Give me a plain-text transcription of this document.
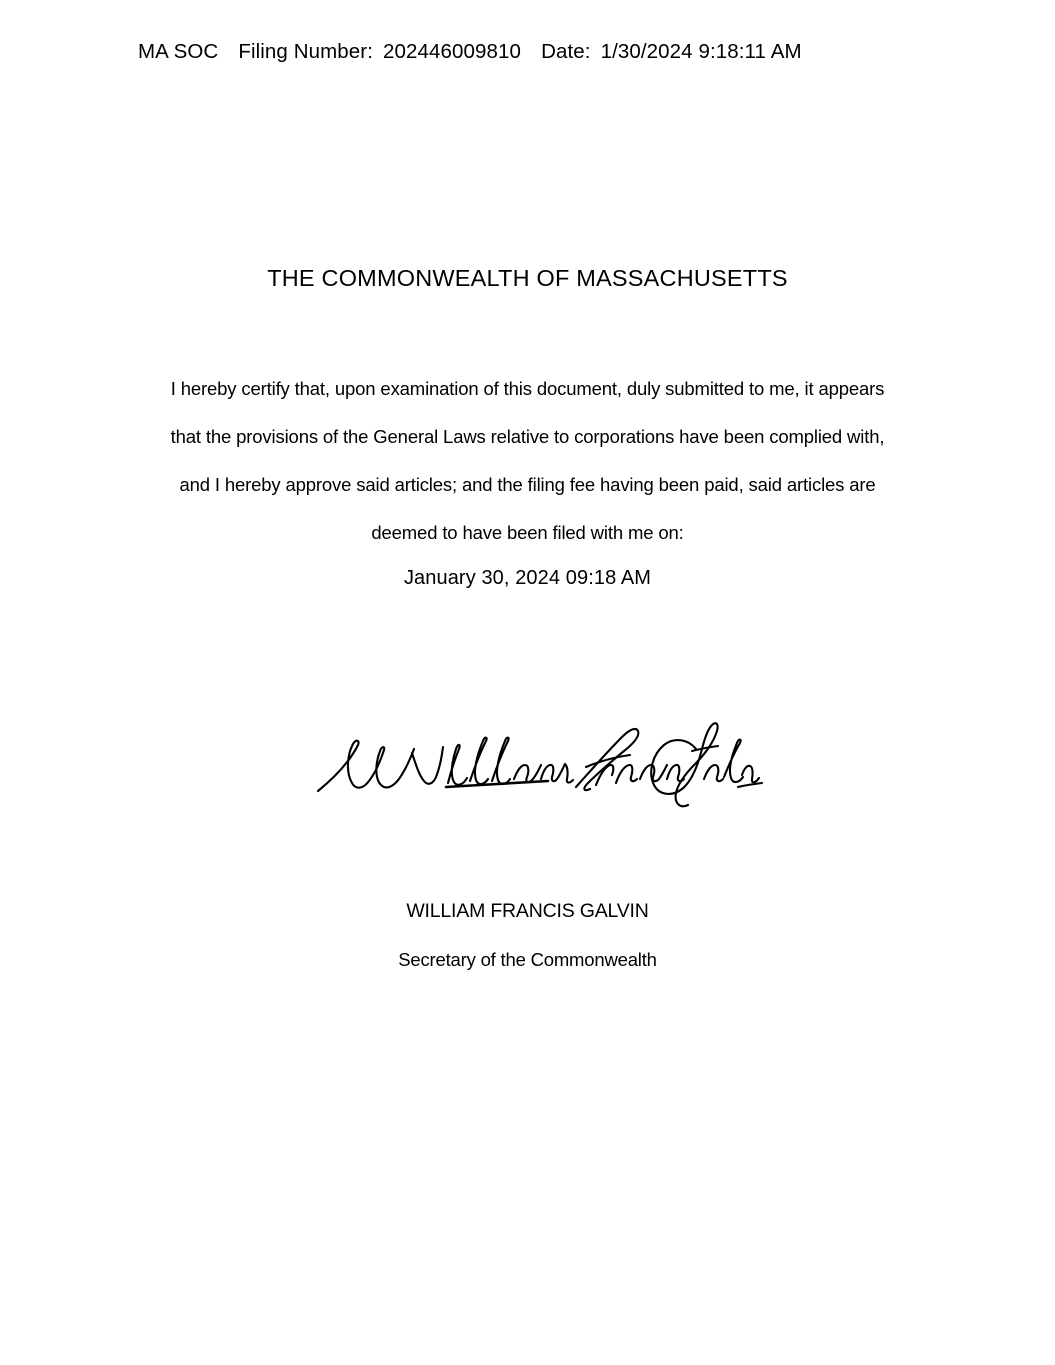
MA SOC Filing Number: 202446009810 Date: 1/30/2024 9:18:11 AM
THE COMMONWEALTH OF MASSACHUSETTS
I hereby certify that, upon examination of this document, duly submitted to me, it appears
that the provisions of the General Laws relative to corporations have been complied with,
and I hereby approve said articles; and the filing fee having been paid, said articles are
deemed to have been filed with me on:
January 30, 2024 09:18 AM
WILLIAM FRANCIS GALVIN
Secretary of the Commonwealth
